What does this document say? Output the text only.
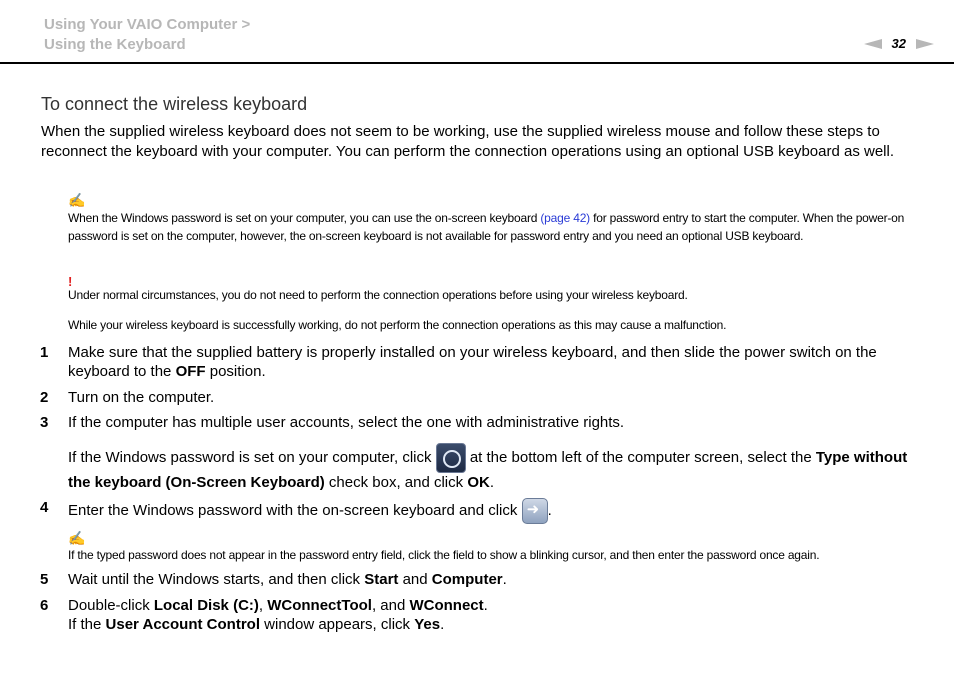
Using Your VAIO Computer >
Using the Keyboard	32
To connect the wireless keyboard
When the supplied wireless keyboard does not seem to be working, use the supplied wireless mouse and follow these steps to reconnect the keyboard with your computer. You can perform the connection operations using an optional USB keyboard as well.
✍
When the Windows password is set on your computer, you can use the on-screen keyboard (page 42) for password entry to start the computer. When the power-on password is set on the computer, however, the on-screen keyboard is not available for password entry and you need an optional USB keyboard.
!
Under normal circumstances, you do not need to perform the connection operations before using your wireless keyboard.
While your wireless keyboard is successfully working, do not perform the connection operations as this may cause a malfunction.
1 Make sure that the supplied battery is properly installed on your wireless keyboard, and then slide the power switch on the keyboard to the OFF position.
2 Turn on the computer.
3 If the computer has multiple user accounts, select the one with administrative rights.
If the Windows password is set on your computer, click  at the bottom left of the computer screen, select the Type without the keyboard (On-Screen Keyboard) check box, and click OK.
4 Enter the Windows password with the on-screen keyboard and click ➜.
✍
If the typed password does not appear in the password entry field, click the field to show a blinking cursor, and then enter the password once again.
5 Wait until the Windows starts, and then click Start and Computer.
6 Double-click Local Disk (C:), WConnectTool, and WConnect.
If the User Account Control window appears, click Yes.
